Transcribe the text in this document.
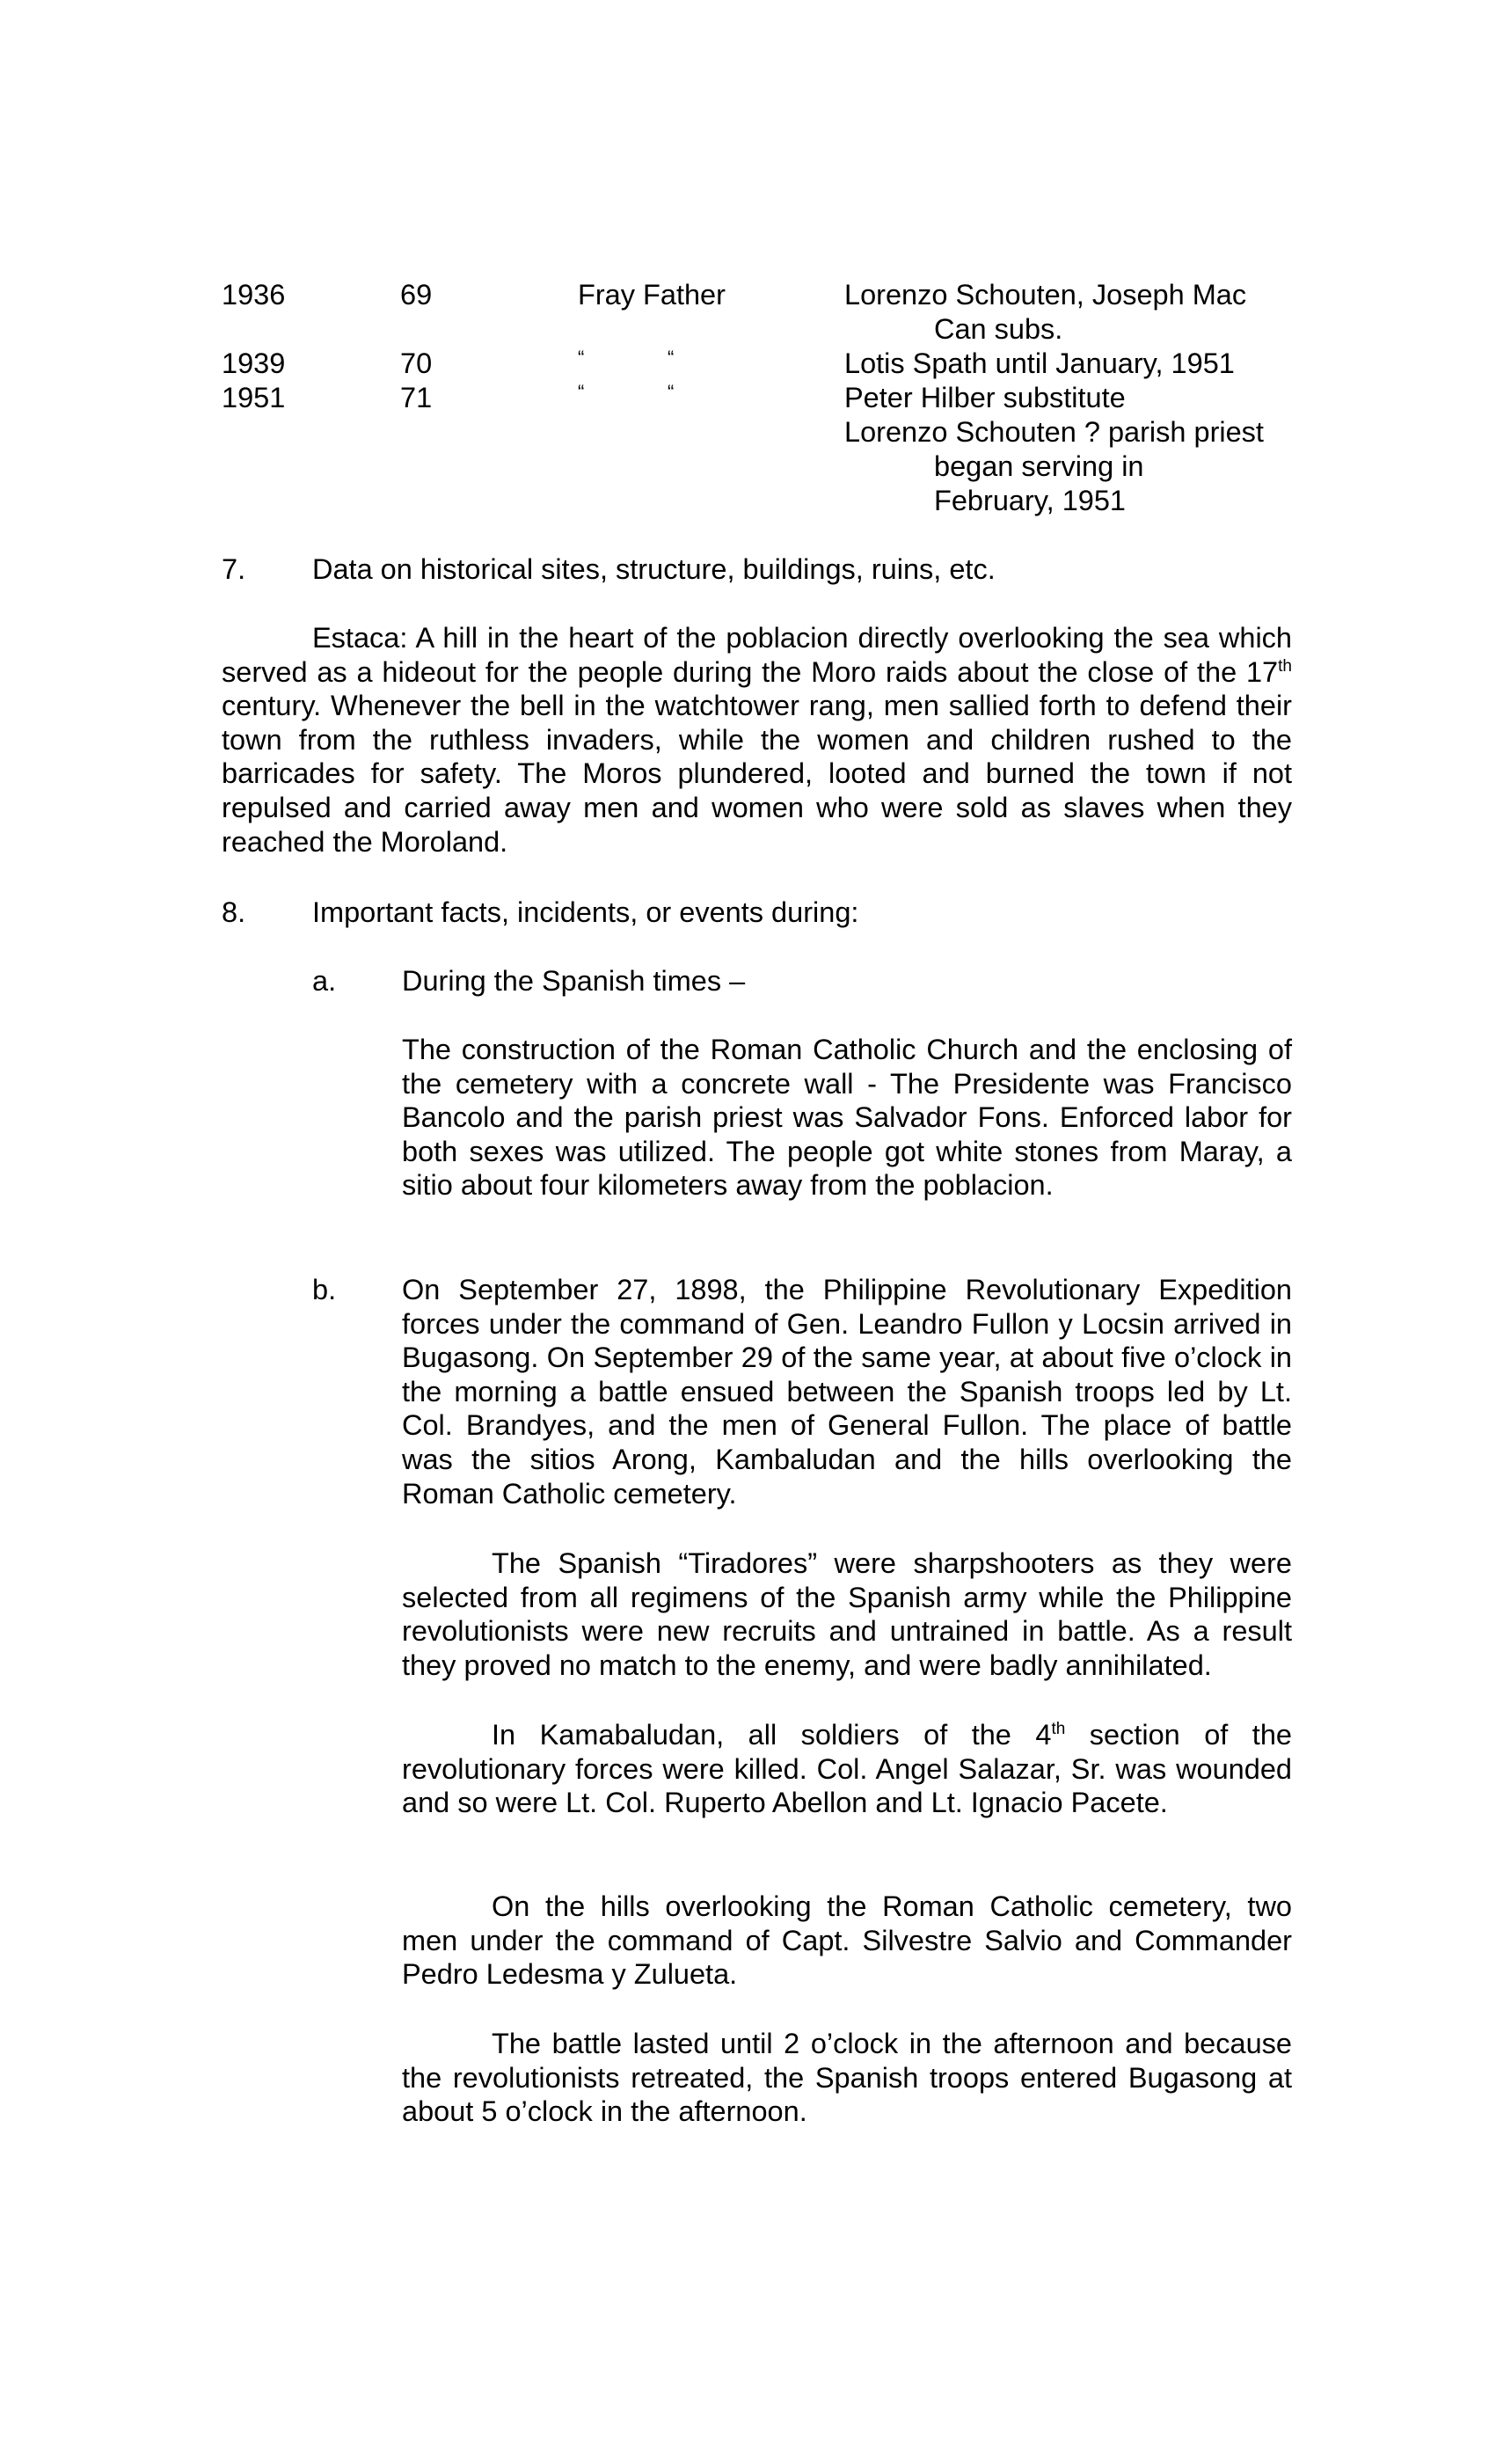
1936	69	Fray Father	Lorenzo Schouten, Joseph Mac
Can subs.
1939	70	“	“	Lotis Spath until January, 1951
1951	71	“	“	Peter Hilber substitute
Lorenzo Schouten ? parish priest
began serving in
February, 1951
7. Data on historical sites, structure, buildings, ruins, etc.
Estaca: A hill in the heart of the poblacion directly overlooking the sea which served as a hideout for the people during the Moro raids about the close of the 17th century. Whenever the bell in the watchtower rang, men sallied forth to defend their town from the ruthless invaders, while the women and children rushed to the barricades for safety. The Moros plundered, looted and burned the town if not repulsed and carried away men and women who were sold as slaves when they reached the Moroland.
8. Important facts, incidents, or events during:
a. During the Spanish times –
The construction of the Roman Catholic Church and the enclosing of the cemetery with a concrete wall - The Presidente was Francisco Bancolo and the parish priest was Salvador Fons. Enforced labor for both sexes was utilized. The people got white stones from Maray, a sitio about four kilometers away from the poblacion.
b. On September 27, 1898, the Philippine Revolutionary Expedition forces under the command of Gen. Leandro Fullon y Locsin arrived in Bugasong. On September 29 of the same year, at about five o’clock in the morning a battle ensued between the Spanish troops led by Lt. Col. Brandyes, and the men of General Fullon. The place of battle was the sitios Arong, Kambaludan and the hills overlooking the Roman Catholic cemetery.
The Spanish “Tiradores” were sharpshooters as they were selected from all regimens of the Spanish army while the Philippine revolutionists were new recruits and untrained in battle. As a result they proved no match to the enemy, and were badly annihilated.
In Kamabaludan, all soldiers of the 4th section of the revolutionary forces were killed. Col. Angel Salazar, Sr. was wounded and so were Lt. Col. Ruperto Abellon and Lt. Ignacio Pacete.
On the hills overlooking the Roman Catholic cemetery, two men under the command of Capt. Silvestre Salvio and Commander Pedro Ledesma y Zulueta.
The battle lasted until 2 o’clock in the afternoon and because the revolutionists retreated, the Spanish troops entered Bugasong at about 5 o’clock in the afternoon.
